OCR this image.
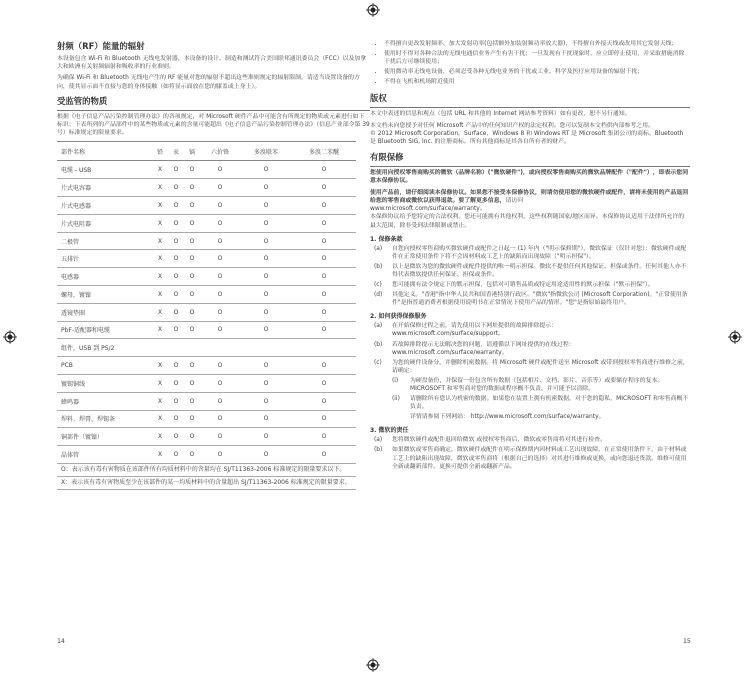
射频（RF）能量的辐射
本设备包含 Wi-Fi 和 Bluetooth 无线电发射器，本设备的设计、制造和测试符合美国联邦通讯委员会（FCC）以及加拿大和欧洲有关射频辐射和吸收率的行业准则。
为确保 Wi-Fi 和 Bluetooth 无线电产生的 RF 能量对您的辐射不超出这些准则规定的辐射限制，请适当设置设备的方向，使其显示面不直接与您的身体接触（如将显示面放在您的膝盖或上身上）。
受监管的物质
根据《电子信息产品污染控制管理办法》的各项规定，对 Microsoft 硬件产品中可能含有所规定的物质或元素进行如下标识：下表所列的产品部件中的某些物质或元素的含量可能超出《电子信息产品污染控制管理办法》（信息产业部令第 39 号）标准规定的限量要求。
部件名称	铅	汞	镉	六价铬	多溴联苯	多溴二苯醚
电缆 - USB	X	O	O	O	O	O
片式电容器	X	O	O	O	O	O
片式电感器	X	O	O	O	O	O
片式电阻器	X	O	O	O	O	O
二极管	X	O	O	O	O	O
五排针	X	O	O	O	O	O
电感器	X	O	O	O	O	O
螺母，镀镍	X	O	O	O	O	O
透镜垫圈	X	O	O	O	O	O
PbF-适配器和电缆	X	O	O	O	O	O
组件，USB 到 PS/2						
PCB	X	O	O	O	O	O
镀锡铜线	X	O	O	O	O	O
蜂鸣器	X	O	O	O	O	O
焊料、焊膏、焊锡条	X	O	O	O	O	O
铜部件（镀镍）	X	O	O	O	O	O
晶体管	X	O	O	O	O	O
O：表示该有毒有害物质在该部件所有均质材料中的含量均在 SJ/T11363-2006 标准规定的限量要求以下。
X：表示该有毒有害物质至少在该部件的某一均质材料中的含量超出 SJ/T11363-2006 标准规定的限量要求。
14
• 不得擅自更改发射频率、加大发射功率(包括额外加装射频功率放大器)，不得擅自外接天线或改用其它发射天线；
• 使用时不得对各种合法的无线电通信业务产生有害干扰；一旦发现有干扰现象时，应立即停止使用，并采取措施消除干扰后方可继续使用；
• 使用微功率无线电设备，必须忍受各种无线电业务的干扰或工业、科学及医疗应用设备的辐射干扰；
• 不得在飞机和机场附近使用
版权
本文中表述的信息和观点（包括 URL 和其他的 Internet 网站参考资料）如有更改，恕不另行通知。
本文档未向您授予对任何 Microsoft 产品中的任何知识产权的法定权利。您可以复制本文档供内部参考之用。
© 2012 Microsoft Corporation。Surface、Windows 8 和 Windows RT 是 Microsoft 集团公司的商标。Bluetooth 是 Bluetooth SIG, Inc. 的注册商标。所有其他商标是其各自所有者的财产。
有限保修
您使用向授权零售商购买的微软（品牌名称）("微软硬件")，或向授权零售商购买的微软品牌配件（"配件"），即表示您同意本保修协议。
使用产品前，请仔细阅读本保修协议。如果您不接受本保修协议，则请勿使用您的微软硬件或配件，请将未使用的产品退回给您的零售商或微软以获得退款。要了解更多信息，请访问
www.microsoft.com/surface/warranty。
本保修协议给予您特定的合法权利。您还可能拥有其他权利，这些权利随国家/地区而异。本保修协议适用于法律所允许的最大范围，除非受到法律限制或禁止。
1. 保修条款
(a)	自您向授权零售商购买微软硬件或配件之日起一 (1) 年内（"明示保修期"），微软保证（仅针对您）：微软硬件或配件在正常使用条件下将不会因材料或工艺上的缺陷而出现故障（"明示担保"）。
(b)	以上是微软为您的微软硬件或配件提供的唯一明示担保。微软不提供任何其他保证、担保或条件。任何其他人亦不得代表微软提供任何保证、担保或条件。
(c)	您可能拥有法令规定下的默示担保，包括对可销售品质或特定用途适用性的默示担保（"默示担保"）。
(d)	其他定义。"香港"指中华人民共和国香港特别行政区。"微软"指微软公司 (Microsoft Corporation)。"正常使用条件"是指普通消费者根据使用说明书在正常情况下使用产品的情形。"您"是指原始最终用户。
2. 如何获得保修服务
(a)	在开始保修过程之前，请先使用以下网址提供的故障排除提示：
www.microsoft.com/surface/support。
(b)	若故障排除提示无法解决您的问题，请遵循以下网址提供的在线过程：
www.microsoft.com/surface/warranty。
(c)	为您的硬件设备分，并删除机密数据。将 Microsoft 硬件或配件送至 Microsoft 或带到授权零售商进行维修之前，请确定：
(i)	为硬盘备份，并保留一份包含所有数据（包括相片、文档、影片、音乐等）或要储存程序的复本。MICROSOFT 和零售商对您的数据或程序概不负责，并可能予以清除。
(ii)	请删除所有您认为机密的数据。如果您在装置上拥有机密数据，对于您的隐私，MICROSOFT 和零售商概不负责。
详情请参阅下列网站： http://www.microsoft.com/surface/warranty。
3. 微软的责任
(a)	您将微软硬件或配件退回给微软 或授权零售商后，微软或零售商将对其进行检查。
(b)	如果微软或零售商确定，微软硬件或配件在明示保修期内因材料或工艺出现故障，在正常使用条件下，由于材料或工艺上的缺陷出现故障，微软或零售商将（根据自己的选择）对其进行维修或更换，或向您退还货款。维修可使用全新或翻新部件。更换可提供全新或翻新产品。
15
